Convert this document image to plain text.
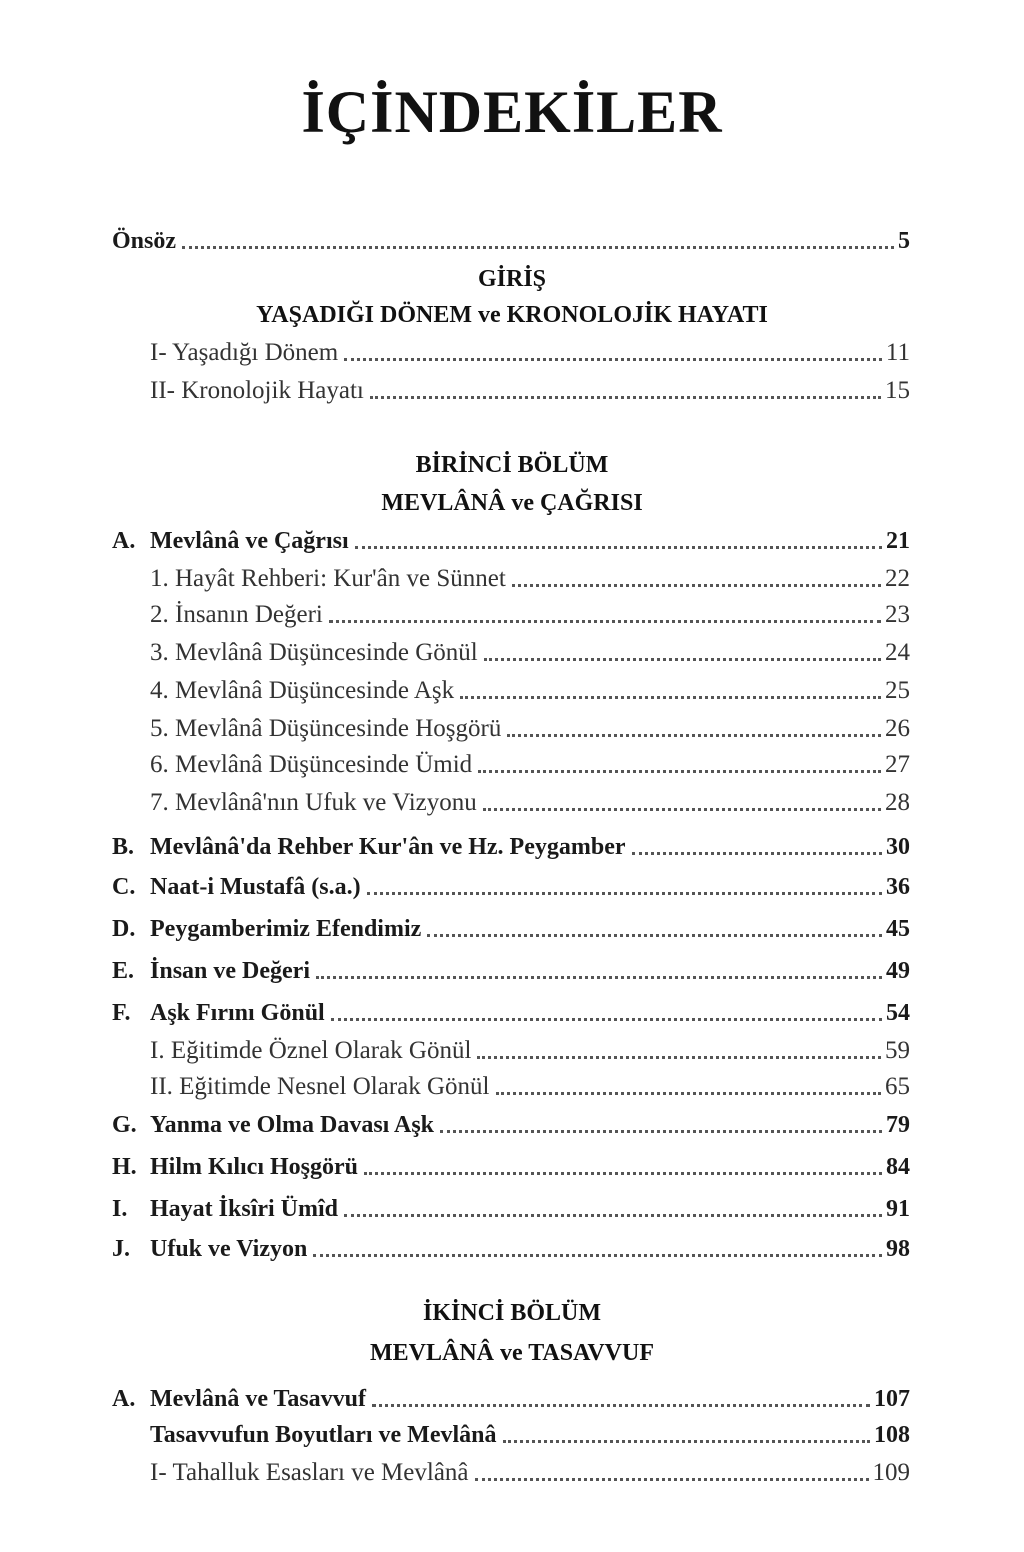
İÇİNDEKİLER
Önsöz	5
GİRİŞ
YAŞADIĞI DÖNEM ve KRONOLOJİK HAYATI
I- Yaşadığı Dönem	11
II- Kronolojik Hayatı	15
BİRİNCİ BÖLÜM
MEVLÂNÂ ve ÇAĞRISI
A. Mevlânâ ve Çağrısı	21
1. Hayât Rehberi: Kur'ân ve Sünnet	22
2. İnsanın Değeri	23
3. Mevlânâ Düşüncesinde Gönül	24
4. Mevlânâ Düşüncesinde Aşk	25
5. Mevlânâ Düşüncesinde Hoşgörü	26
6. Mevlânâ Düşüncesinde Ümid	27
7. Mevlânâ'nın Ufuk ve Vizyonu	28
B. Mevlânâ'da Rehber Kur'ân ve Hz. Peygamber	30
C. Naat-i Mustafâ (s.a.)	36
D. Peygamberimiz Efendimiz	45
E. İnsan ve Değeri	49
F. Aşk Fırını Gönül	54
I. Eğitimde Öznel Olarak Gönül	59
II. Eğitimde Nesnel Olarak Gönül	65
G. Yanma ve Olma Davası Aşk	79
H. Hilm Kılıcı Hoşgörü	84
I. Hayat İksîri Ümîd	91
J. Ufuk ve Vizyon	98
İKİNCİ BÖLÜM
MEVLÂNÂ ve TASAVVUF
A. Mevlânâ ve Tasavvuf	107
Tasavvufun Boyutları ve Mevlânâ	108
I- Tahalluk Esasları ve Mevlânâ	109
